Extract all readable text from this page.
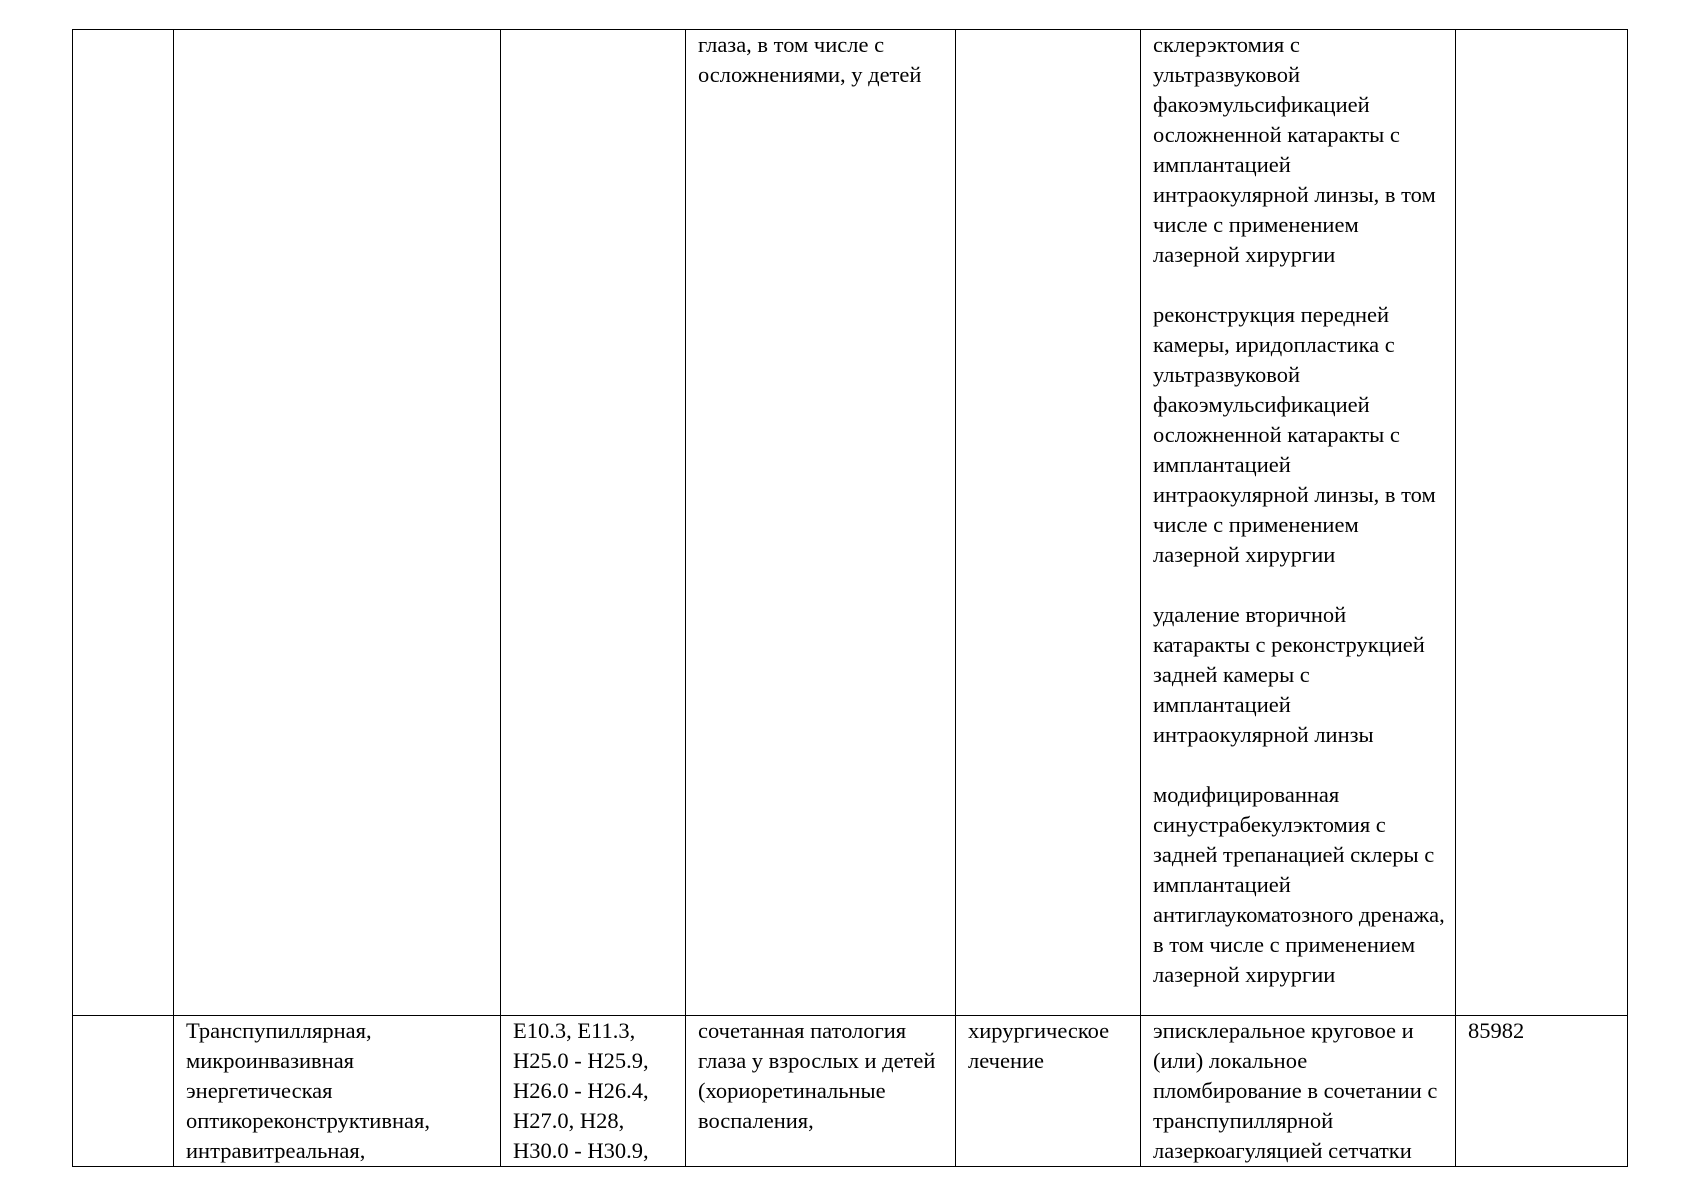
			глаза, в том числе с осложнениями, у детей		склерэктомия с ультразвуковой факоэмульсификацией осложненной катаракты с имплантацией интраокулярной линзы, в том числе с применением лазерной хирургии
реконструкция передней камеры, иридопластика с ультразвуковой факоэмульсификацией осложненной катаракты с имплантацией интраокулярной линзы, в том числе с применением лазерной хирургии
удаление вторичной катаракты с реконструкцией задней камеры с имплантацией интраокулярной линзы
модифицированная синустрабекулэктомия с задней трепанацией склеры с имплантацией антиглаукоматозного дренажа, в том числе с применением лазерной хирургии	

	Транспупиллярная, микроинвазивная энергетическая оптикореконструктивная, интравитреальная,	E10.3, E11.3, H25.0 - H25.9, H26.0 - H26.4, H27.0, H28, H30.0 - H30.9,	сочетанная патология глаза у взрослых и детей (хориоретинальные воспаления,	хирургическое лечение	эписклеральное круговое и (или) локальное пломбирование в сочетании с транспупиллярной лазеркоагуляцией сетчатки	85982
